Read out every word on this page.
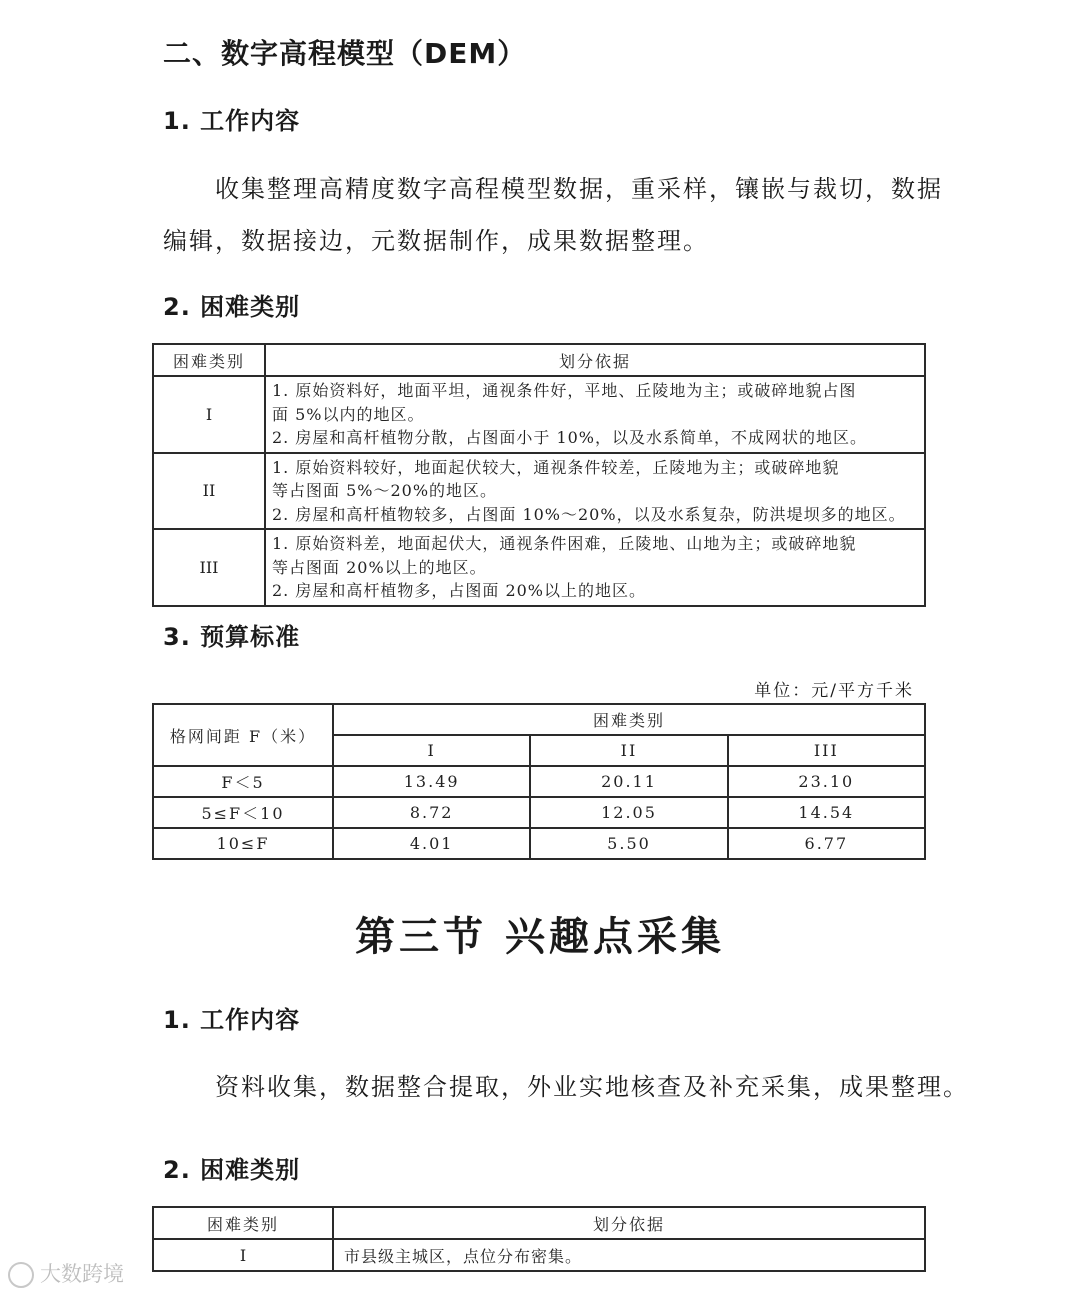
二、数字高程模型（DEM）
1. 工作内容
收集整理高精度数字高程模型数据，重采样，镶嵌与裁切，数据
编辑，数据接边，元数据制作，成果数据整理。
2. 困难类别
困难类别	划分依据
I	1. 原始资料好，地面平坦，通视条件好，平地、丘陵地为主；或破碎地貌占图
面 5%以内的地区。
2. 房屋和高杆植物分散，占图面小于 10%，以及水系简单，不成网状的地区。

II	1. 原始资料较好，地面起伏较大，通视条件较差，丘陵地为主；或破碎地貌
等占图面 5%～20%的地区。
2. 房屋和高杆植物较多，占图面 10%～20%，以及水系复杂，防洪堤坝多的地区。

III	1. 原始资料差，地面起伏大，通视条件困难，丘陵地、山地为主；或破碎地貌
等占图面 20%以上的地区。
2. 房屋和高杆植物多，占图面 20%以上的地区。
3. 预算标准
单位：元/平方千米
格网间距 F（米）	困难类别		
	I	II	III
F＜5	13.49	20.11	23.10
5≤F＜10	8.72	12.05	14.54
10≤F	4.01	5.50	6.77
第三节 兴趣点采集
1. 工作内容
资料收集，数据整合提取，外业实地核查及补充采集，成果整理。
2. 困难类别
困难类别	划分依据
I	市县级主城区，点位分布密集。
大数跨境
